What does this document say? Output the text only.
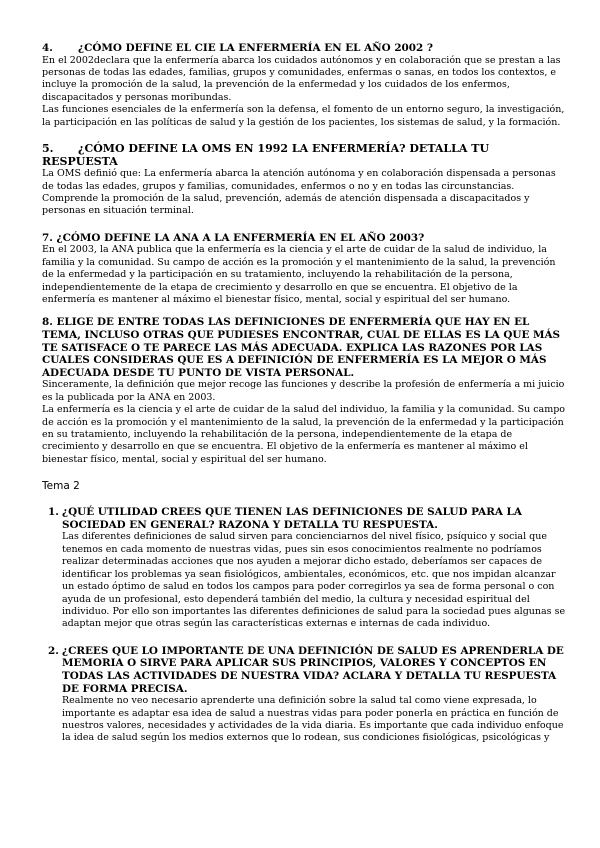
4. ¿CÓMO DEFINE EL CIE LA ENFERMERÍA EN EL AÑO 2002 ?

En el 2002declara que la enfermería abarca los cuidados autónomos y en colaboración que se prestan a las personas de todas las edades, familias, grupos y comunidades, enfermas o sanas, en todos los contextos, e incluye la promoción de la salud, la prevención de la enfermedad y los cuidados de los enfermos, discapacitados y personas moribundas.

Las funciones esenciales de la enfermería son la defensa, el fomento de un entorno seguro, la investigación, la participación en las políticas de salud y la gestión de los pacientes, los sistemas de salud, y la formación.

5. ¿CÓMO DEFINE LA OMS EN 1992 LA ENFERMERÍA? DETALLA TU RESPUESTA

La OMS definió que: La enfermería abarca la atención autónoma y en colaboración dispensada a personas de todas las edades, grupos y familias, comunidades, enfermos o no y en todas las circunstancias.

Comprende la promoción de la salud, prevención, además de atención dispensada a discapacitados y personas en situación terminal.

7. ¿CÓMO DEFINE LA ANA A LA ENFERMERÍA EN EL AÑO 2003?

En el 2003, la ANA publica que la enfermería es la ciencia y el arte de cuidar de la salud de individuo, la familia y la comunidad. Su campo de acción es la promoción y el mantenimiento de la salud, la prevención de la enfermedad y la participación en su tratamiento, incluyendo la rehabilitación de la persona, independientemente de la etapa de crecimiento y desarrollo en que se encuentra. El objetivo de la enfermería es mantener al máximo el bienestar físico, mental, social y espiritual del ser humano.

8. ELIGE DE ENTRE TODAS LAS DEFINICIONES DE ENFERMERÍA QUE HAY EN EL TEMA, INCLUSO OTRAS QUE PUDIESES ENCONTRAR, CUAL DE ELLAS ES LA QUE MÁS TE SATISFACE O TE PARECE LAS MÁS ADECUADA. EXPLICA LAS RAZONES POR LAS CUALES CONSIDERAS QUE ES A DEFINICIÓN DE ENFERMERÍA ES LA MEJOR O MÁS ADECUADA DESDE TU PUNTO DE VISTA PERSONAL.

Sinceramente, la definición que mejor recoge las funciones y describe la profesión de enfermería a mi juicio es la publicada por la ANA en 2003.

La enfermería es la ciencia y el arte de cuidar de la salud del individuo, la familia y la comunidad. Su campo de acción es la promoción y el mantenimiento de la salud, la prevención de la enfermedad y la participación en su tratamiento, incluyendo la rehabilitación de la persona, independientemente de la etapa de crecimiento y desarrollo en que se encuentra. El objetivo de la enfermería es mantener al máximo el bienestar físico, mental, social y espiritual del ser humano.

Tema 2

1. ¿QUÉ UTILIDAD CREES QUE TIENEN LAS DEFINICIONES DE SALUD PARA LA SOCIEDAD EN GENERAL? RAZONA Y DETALLA TU RESPUESTA.

Las diferentes definiciones de salud sirven para concienciarnos del nivel físico, psíquico y social que tenemos en cada momento de nuestras vidas, pues sin esos conocimientos realmente no podríamos realizar determinadas acciones que nos ayuden a mejorar dicho estado, deberíamos ser capaces de identificar los problemas ya sean fisiológicos, ambientales, económicos, etc. que nos impidan alcanzar un estado óptimo de salud en todos los campos para poder corregirlos ya sea de forma personal o con ayuda de un profesional, esto dependerá también del medio, la cultura y necesidad espiritual del individuo. Por ello son importantes las diferentes definiciones de salud para la sociedad pues algunas se adaptan mejor que otras según las características externas e internas de cada individuo.

2. ¿CREES QUE LO IMPORTANTE DE UNA DEFINICIÓN DE SALUD ES APRENDERLA DE MEMORIA O SIRVE PARA APLICAR SUS PRINCIPIOS, VALORES Y CONCEPTOS EN TODAS LAS ACTIVIDADES DE NUESTRA VIDA? ACLARA Y DETALLA TU RESPUESTA DE FORMA PRECISA.

Realmente no veo necesario aprenderte una definición sobre la salud tal como viene expresada, lo importante es adaptar esa idea de salud a nuestras vidas para poder ponerla en práctica en función de nuestros valores, necesidades y actividades de la vida diaria. Es importante que cada individuo enfoque la idea de salud según los medios externos que lo rodean, sus condiciones fisiológicas, psicológicas y
